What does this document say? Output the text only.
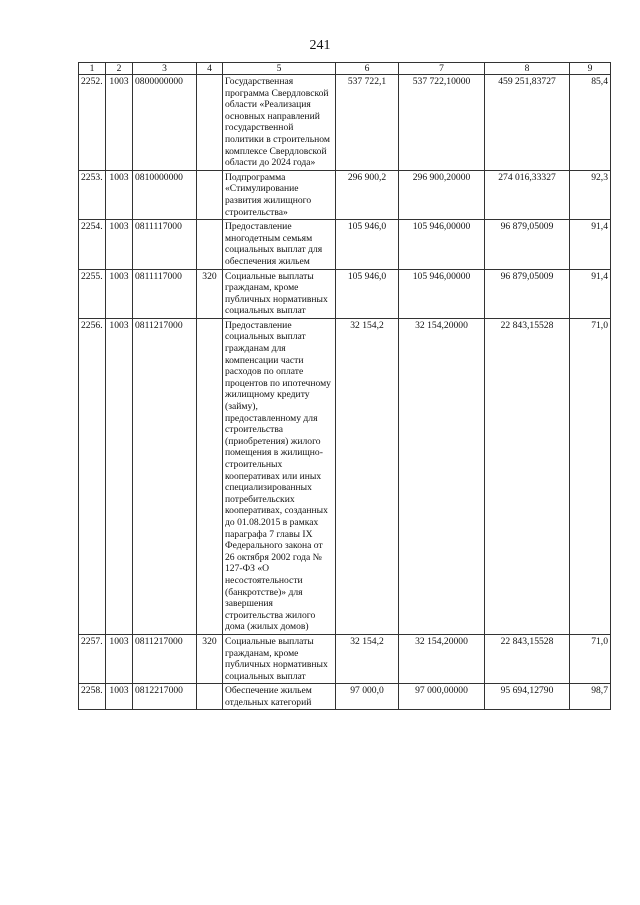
241
1	2	3	4	5	6	7	8	9
2252.	1003	0800000000		Государственная программа Свердловской области «Реализация основных направлений государственной политики в строительном комплексе Свердловской области до 2024 года»	537 722,1	537 722,10000	459 251,83727	85,4
2253.	1003	0810000000		Подпрограмма «Стимулирование развития жилищного строительства»	296 900,2	296 900,20000	274 016,33327	92,3
2254.	1003	0811117000		Предоставление многодетным семьям социальных выплат для обеспечения жильем	105 946,0	105 946,00000	96 879,05009	91,4
2255.	1003	0811117000	320	Социальные выплаты гражданам, кроме публичных нормативных социальных выплат	105 946,0	105 946,00000	96 879,05009	91,4
2256.	1003	0811217000		Предоставление социальных выплат гражданам для компенсации части расходов по оплате процентов по ипотечному жилищному кредиту (займу), предоставленному для строительства (приобретения) жилого помещения в жилищно-строительных кооперативах или иных специализированных потребительских кооперативах, созданных до 01.08.2015 в рамках параграфа 7 главы IX Федерального закона от 26 октября 2002 года № 127-ФЗ «О несостоятельности (банкротстве)» для завершения строительства жилого дома (жилых домов)	32 154,2	32 154,20000	22 843,15528	71,0
2257.	1003	0811217000	320	Социальные выплаты гражданам, кроме публичных нормативных социальных выплат	32 154,2	32 154,20000	22 843,15528	71,0
2258.	1003	0812217000		Обеспечение жильем отдельных категорий	97 000,0	97 000,00000	95 694,12790	98,7
